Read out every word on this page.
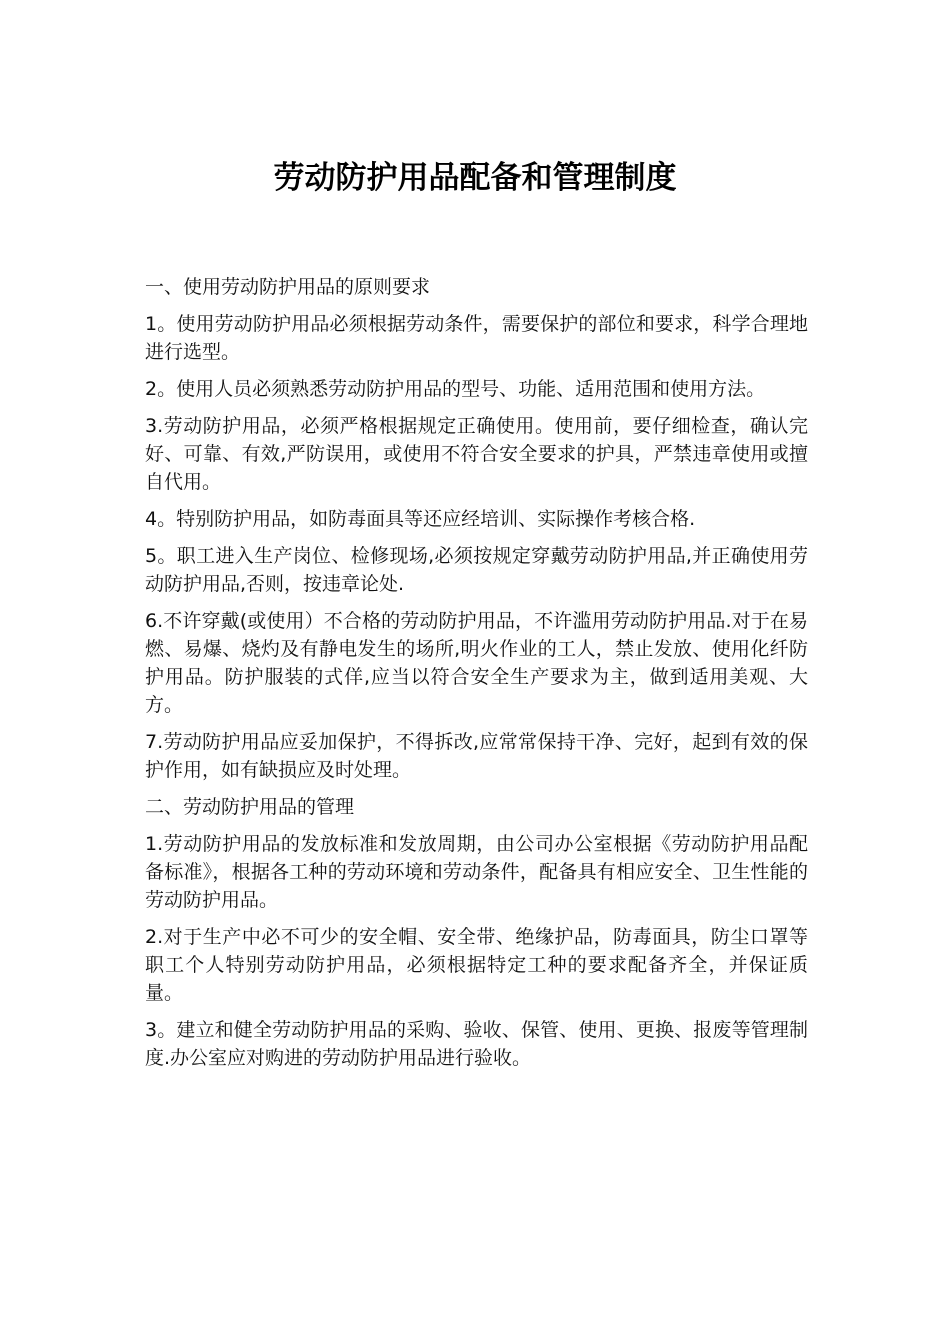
劳动防护用品配备和管理制度

一、使用劳动防护用品的原则要求

1。使用劳动防护用品必须根据劳动条件，需要保护的部位和要求，科学合理地进行选型。

2。使用人员必须熟悉劳动防护用品的型号、功能、适用范围和使用方法。

3.劳动防护用品，必须严格根据规定正确使用。使用前，要仔细检查，确认完好、可靠、有效,严防误用，或使用不符合安全要求的护具，严禁违章使用或擅自代用。

4。特别防护用品，如防毒面具等还应经培训、实际操作考核合格.

5。职工进入生产岗位、检修现场,必须按规定穿戴劳动防护用品,并正确使用劳动防护用品,否则，按违章论处.

6.不许穿戴(或使用）不合格的劳动防护用品，不许滥用劳动防护用品.对于在易燃、易爆、烧灼及有静电发生的场所,明火作业的工人，禁止发放、使用化纤防护用品。防护服装的式佯,应当以符合安全生产要求为主，做到适用美观、大方。

7.劳动防护用品应妥加保护，不得拆改,应常常保持干净、完好，起到有效的保护作用，如有缺损应及时处理。

二、劳动防护用品的管理

1.劳动防护用品的发放标准和发放周期，由公司办公室根据《劳动防护用品配备标准》，根据各工种的劳动环境和劳动条件，配备具有相应安全、卫生性能的劳动防护用品。

2.对于生产中必不可少的安全帽、安全带、绝缘护品，防毒面具，防尘口罩等职工个人特别劳动防护用品，必须根据特定工种的要求配备齐全，并保证质量。

3。建立和健全劳动防护用品的采购、验收、保管、使用、更换、报废等管理制度.办公室应对购进的劳动防护用品进行验收。
